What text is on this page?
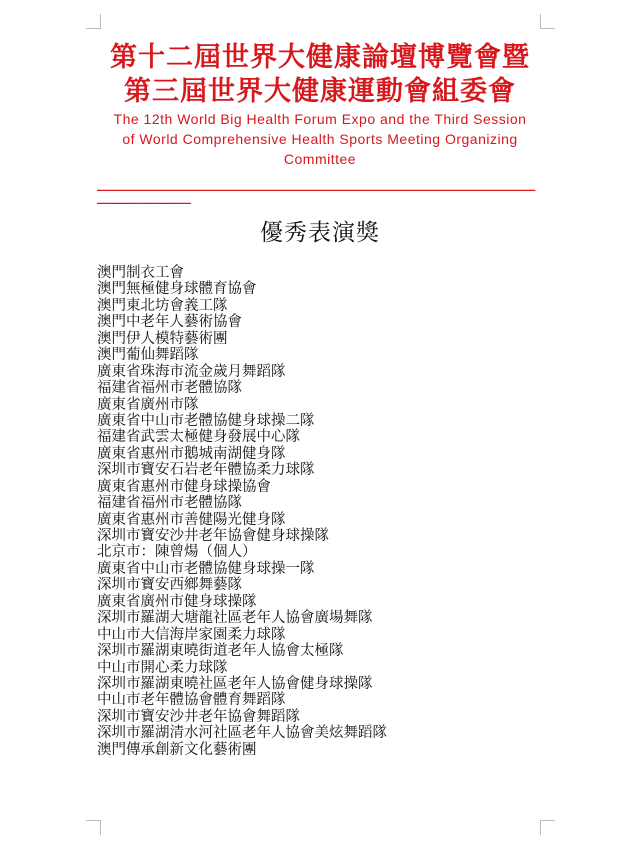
第十二屆世界大健康論壇博覽會暨
第三屆世界大健康運動會組委會
The 12th World Big Health Forum Expo and the Third Session
of World Comprehensive Health Sports Meeting Organizing
Committee
____________________________________________________________________
優秀表演獎
澳門制衣工會
澳門無極健身球體育協會
澳門東北坊會義工隊
澳門中老年人藝術協會
澳門伊人模特藝術團
澳門葡仙舞蹈隊
廣東省珠海市流金歲月舞蹈隊
福建省福州市老體協隊
廣東省廣州市隊
廣東省中山市老體協健身球操二隊
福建省武雲太極健身發展中心隊
廣東省惠州市鵝城南湖健身隊
深圳市寶安石岩老年體協柔力球隊
廣東省惠州市健身球操協會
福建省福州市老體協隊
廣東省惠州市善健陽光健身隊
深圳市寶安沙井老年協會健身球操隊
北京市：陳曾煬（個人）
廣東省中山市老體協健身球操一隊
深圳市寶安西鄉舞藝隊
廣東省廣州市健身球操隊
深圳市羅湖大塘龍社區老年人協會廣場舞隊
中山市大信海岸家園柔力球隊
深圳市羅湖東曉街道老年人協會太極隊
中山市開心柔力球隊
深圳市羅湖東曉社區老年人協會健身球操隊
中山市老年體協會體育舞蹈隊
深圳市寶安沙井老年協會舞蹈隊
深圳市羅湖清水河社區老年人協會美炫舞蹈隊
澳門傳承創新文化藝術團
